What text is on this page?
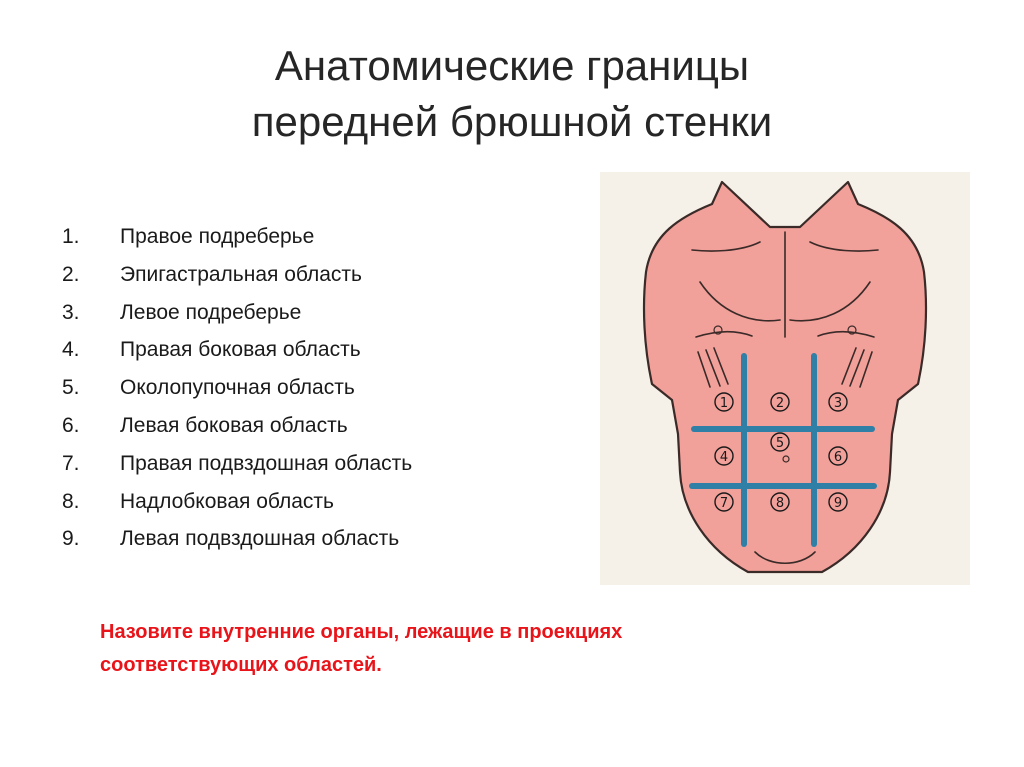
Анатомические границы
передней брюшной стенки
1.	Правое подреберье
2.	Эпигастральная область
3.	Левое подреберье
4.	Правая боковая область
5.	Околопупочная область
6.	Левая боковая область
7.	Правая подвздошная область
8.	Надлобковая область
9.	Левая подвздошная область
Назовите внутренние органы, лежащие в проекциях
соответствующих областей.
1	2	3
4
5
6
7	8	9
